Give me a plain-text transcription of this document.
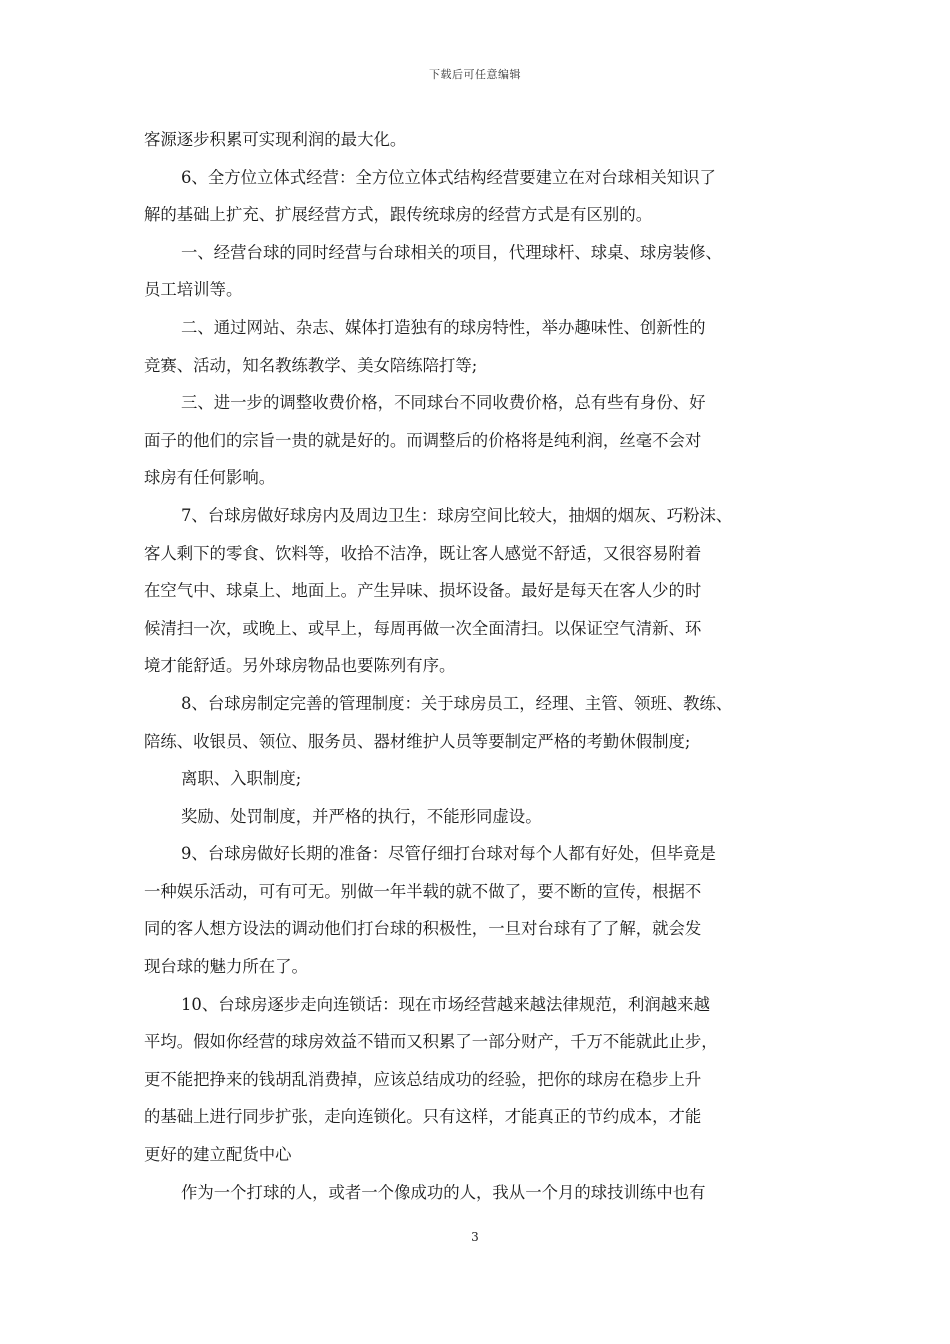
下载后可任意编辑
客源逐步积累可实现利润的最大化。
6、全方位立体式经营：全方位立体式结构经营要建立在对台球相关知识了
解的基础上扩充、扩展经营方式，跟传统球房的经营方式是有区别的。
一、经营台球的同时经营与台球相关的项目，代理球杆、球桌、球房装修、
员工培训等。
二、通过网站、杂志、媒体打造独有的球房特性，举办趣味性、创新性的
竞赛、活动，知名教练教学、美女陪练陪打等;
三、进一步的调整收费价格，不同球台不同收费价格，总有些有身份、好
面子的他们的宗旨一贵的就是好的。而调整后的价格将是纯利润，丝毫不会对
球房有任何影响。
7、台球房做好球房内及周边卫生：球房空间比较大，抽烟的烟灰、巧粉沫、
客人剩下的零食、饮料等，收拾不洁净，既让客人感觉不舒适，又很容易附着
在空气中、球桌上、地面上。产生异味、损坏设备。最好是每天在客人少的时
候清扫一次，或晚上、或早上，每周再做一次全面清扫。以保证空气清新、环
境才能舒适。另外球房物品也要陈列有序。
8、台球房制定完善的管理制度：关于球房员工，经理、主管、领班、教练、
陪练、收银员、领位、服务员、器材维护人员等要制定严格的考勤休假制度;
离职、入职制度;
奖励、处罚制度，并严格的执行，不能形同虚设。
9、台球房做好长期的准备：尽管仔细打台球对每个人都有好处，但毕竟是
一种娱乐活动，可有可无。别做一年半载的就不做了，要不断的宣传，根据不
同的客人想方设法的调动他们打台球的积极性，一旦对台球有了了解，就会发
现台球的魅力所在了。
10、台球房逐步走向连锁话：现在市场经营越来越法律规范，利润越来越
平均。假如你经营的球房效益不错而又积累了一部分财产，千万不能就此止步，
更不能把挣来的钱胡乱消费掉，应该总结成功的经验，把你的球房在稳步上升
的基础上进行同步扩张，走向连锁化。只有这样，才能真正的节约成本，才能
更好的建立配货中心
作为一个打球的人，或者一个像成功的人，我从一个月的球技训练中也有
3
